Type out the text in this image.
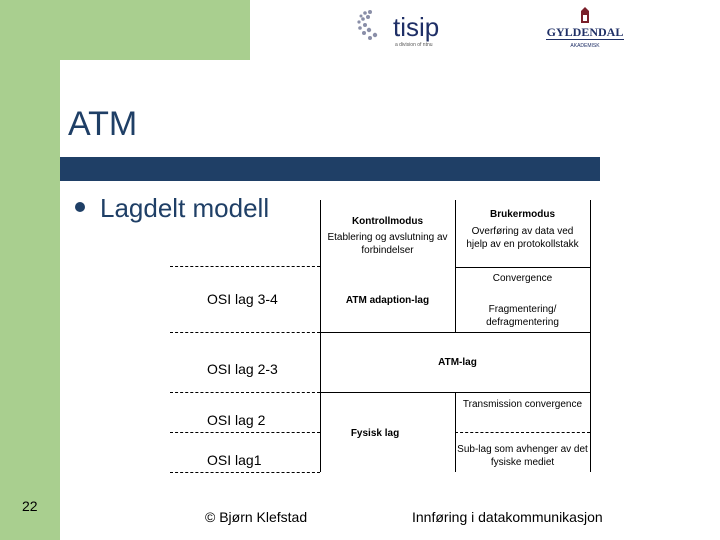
tisip
a division of ntnu
GYLDENDAL
AKADEMISK
ATM
Lagdelt modell
OSI lag 3-4
OSI lag 2-3
OSI lag 2
OSI lag1
Kontrollmodus
Etablering og avslutning av forbindelser
Brukermodus
Overføring av data ved hjelp av en protokollstakk
Convergence
ATM adaption-lag
Fragmentering/ defragmentering
ATM-lag
Transmission convergence
Fysisk lag
Sub-lag som avhenger av det fysiske mediet
22
© Bjørn Klefstad	Innføring i datakommunikasjon
